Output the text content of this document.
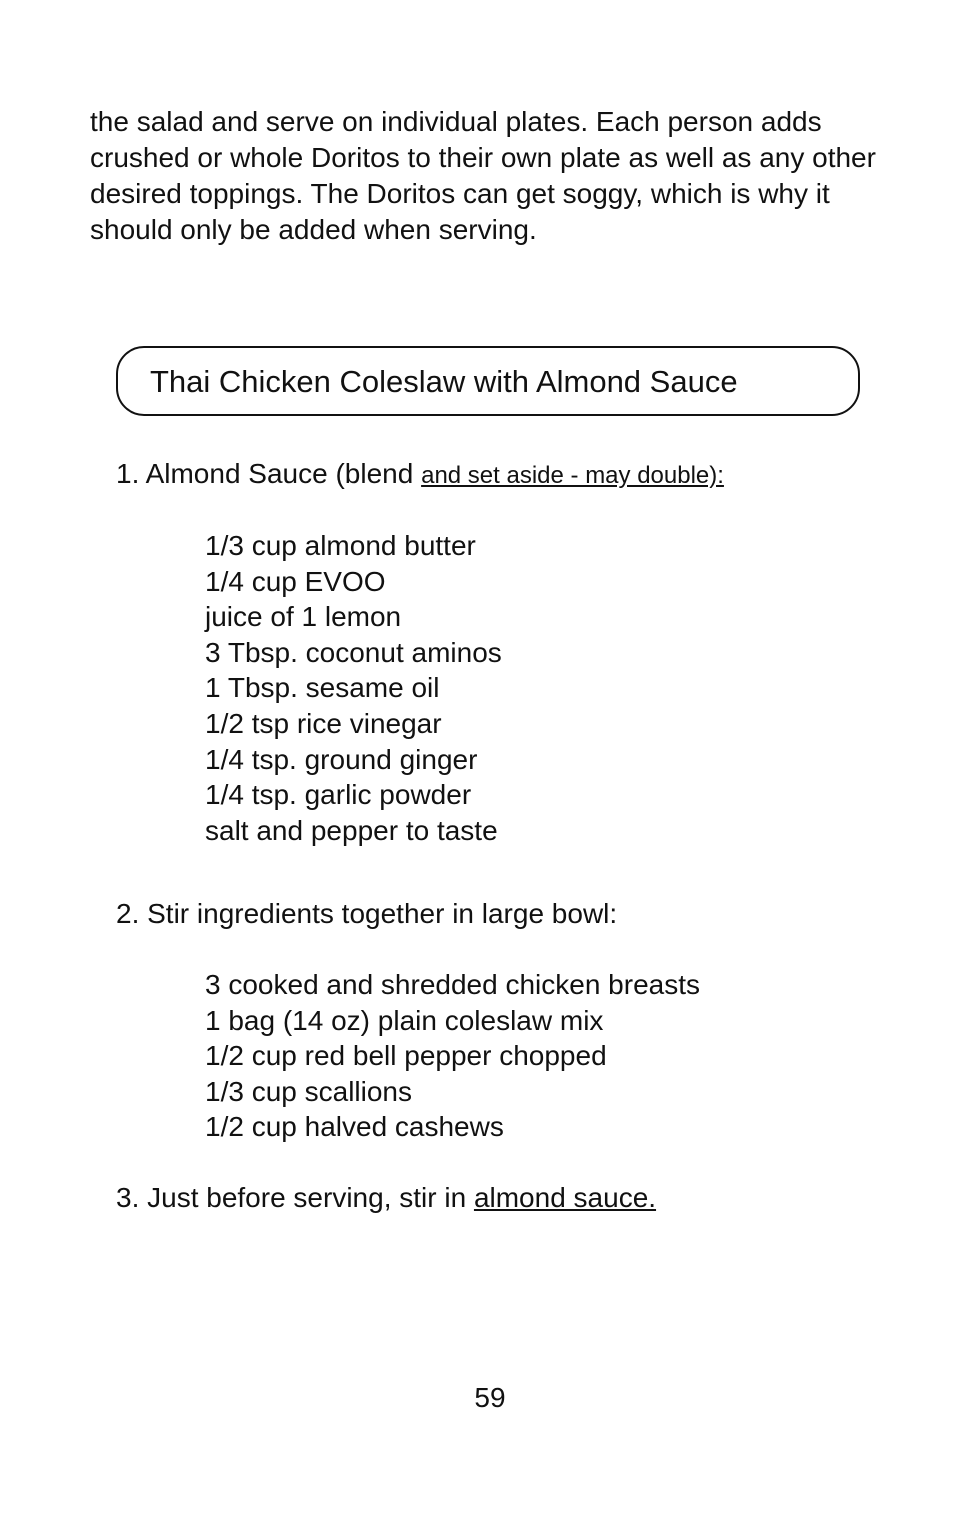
the salad and serve on individual plates. Each person adds crushed or whole Doritos to their own plate as well as any other desired toppings. The Doritos can get soggy, which is why it should only be added when serving.

Thai Chicken Coleslaw with Almond Sauce

1. Almond Sauce (blend and set aside - may double):

1/3 cup almond butter
1/4 cup EVOO
juice of 1 lemon
3 Tbsp. coconut aminos
1 Tbsp. sesame oil
1/2 tsp rice vinegar
1/4 tsp. ground ginger
1/4 tsp. garlic powder
salt and pepper to taste

2. Stir ingredients together in large bowl:

3 cooked and shredded chicken breasts
1 bag (14 oz) plain coleslaw mix
1/2 cup red bell pepper chopped
1/3 cup scallions
1/2 cup halved cashews

3. Just before serving, stir in almond sauce.

59
